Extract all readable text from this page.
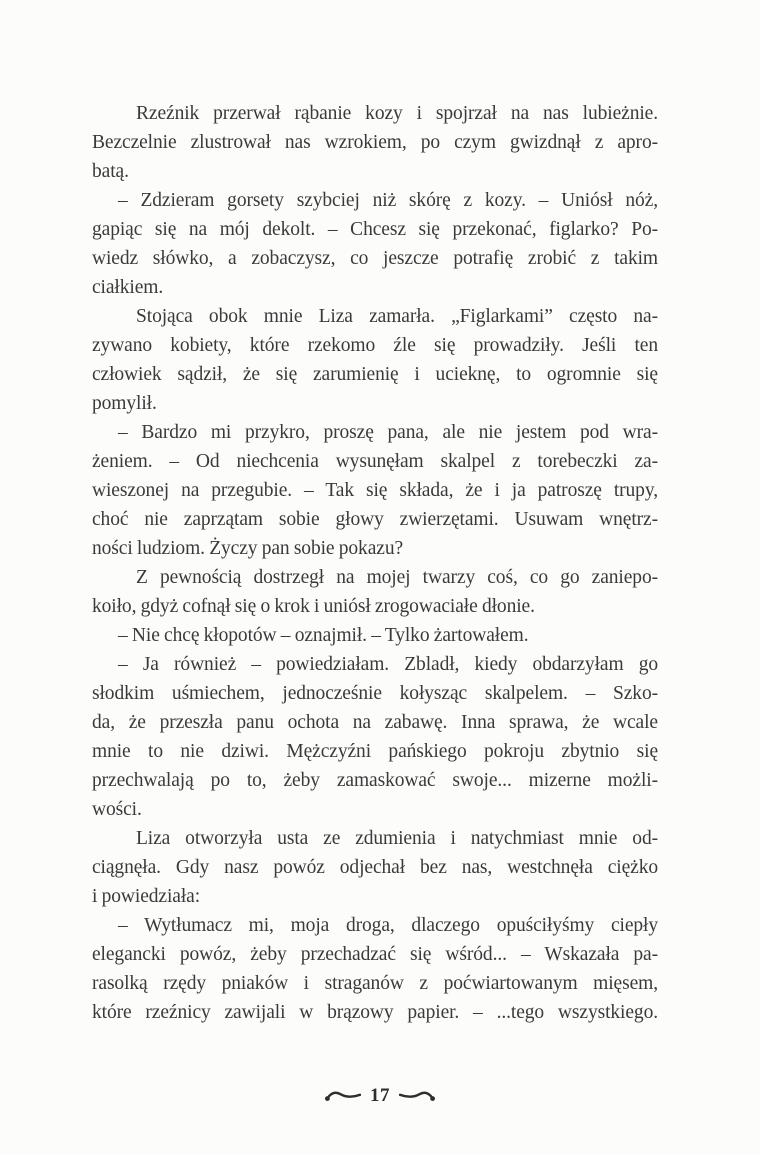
Rzeźnik przerwał rąbanie kozy i spojrzał na nas lubieżnie.
Bezczelnie zlustrował nas wzrokiem, po czym gwizdnął z apro-
batą.
– Zdzieram gorsety szybciej niż skórę z kozy. – Uniósł nóż,
gapiąc się na mój dekolt. – Chcesz się przekonać, figlarko? Po-
wiedz słówko, a zobaczysz, co jeszcze potrafię zrobić z takim
ciałkiem.
Stojąca obok mnie Liza zamarła. „Figlarkami” często na-
zywano kobiety, które rzekomo źle się prowadziły. Jeśli ten
człowiek sądził, że się zarumienię i ucieknę, to ogromnie się
pomylił.
– Bardzo mi przykro, proszę pana, ale nie jestem pod wra-
żeniem. – Od niechcenia wysunęłam skalpel z torebeczki za-
wieszonej na przegubie. – Tak się składa, że i ja patroszę trupy,
choć nie zaprzątam sobie głowy zwierzętami. Usuwam wnętrz-
ności ludziom. Życzy pan sobie pokazu?
Z pewnością dostrzegł na mojej twarzy coś, co go zaniepo-
koiło, gdyż cofnął się o krok i uniósł zrogowaciałe dłonie.
– Nie chcę kłopotów – oznajmił. – Tylko żartowałem.
– Ja również – powiedziałam. Zbladł, kiedy obdarzyłam go
słodkim uśmiechem, jednocześnie kołysząc skalpelem. – Szko-
da, że przeszła panu ochota na zabawę. Inna sprawa, że wcale
mnie to nie dziwi. Mężczyźni pańskiego pokroju zbytnio się
przechwalają po to, żeby zamaskować swoje... mizerne możli-
wości.
Liza otworzyła usta ze zdumienia i natychmiast mnie od-
ciągnęła. Gdy nasz powóz odjechał bez nas, westchnęła ciężko
i powiedziała:
– Wytłumacz mi, moja droga, dlaczego opuściłyśmy ciepły
elegancki powóz, żeby przechadzać się wśród... – Wskazała pa-
rasolką rzędy pniaków i straganów z poćwiartowanym mięsem,
które rzeźnicy zawijali w brązowy papier. – ...tego wszystkiego.
17
